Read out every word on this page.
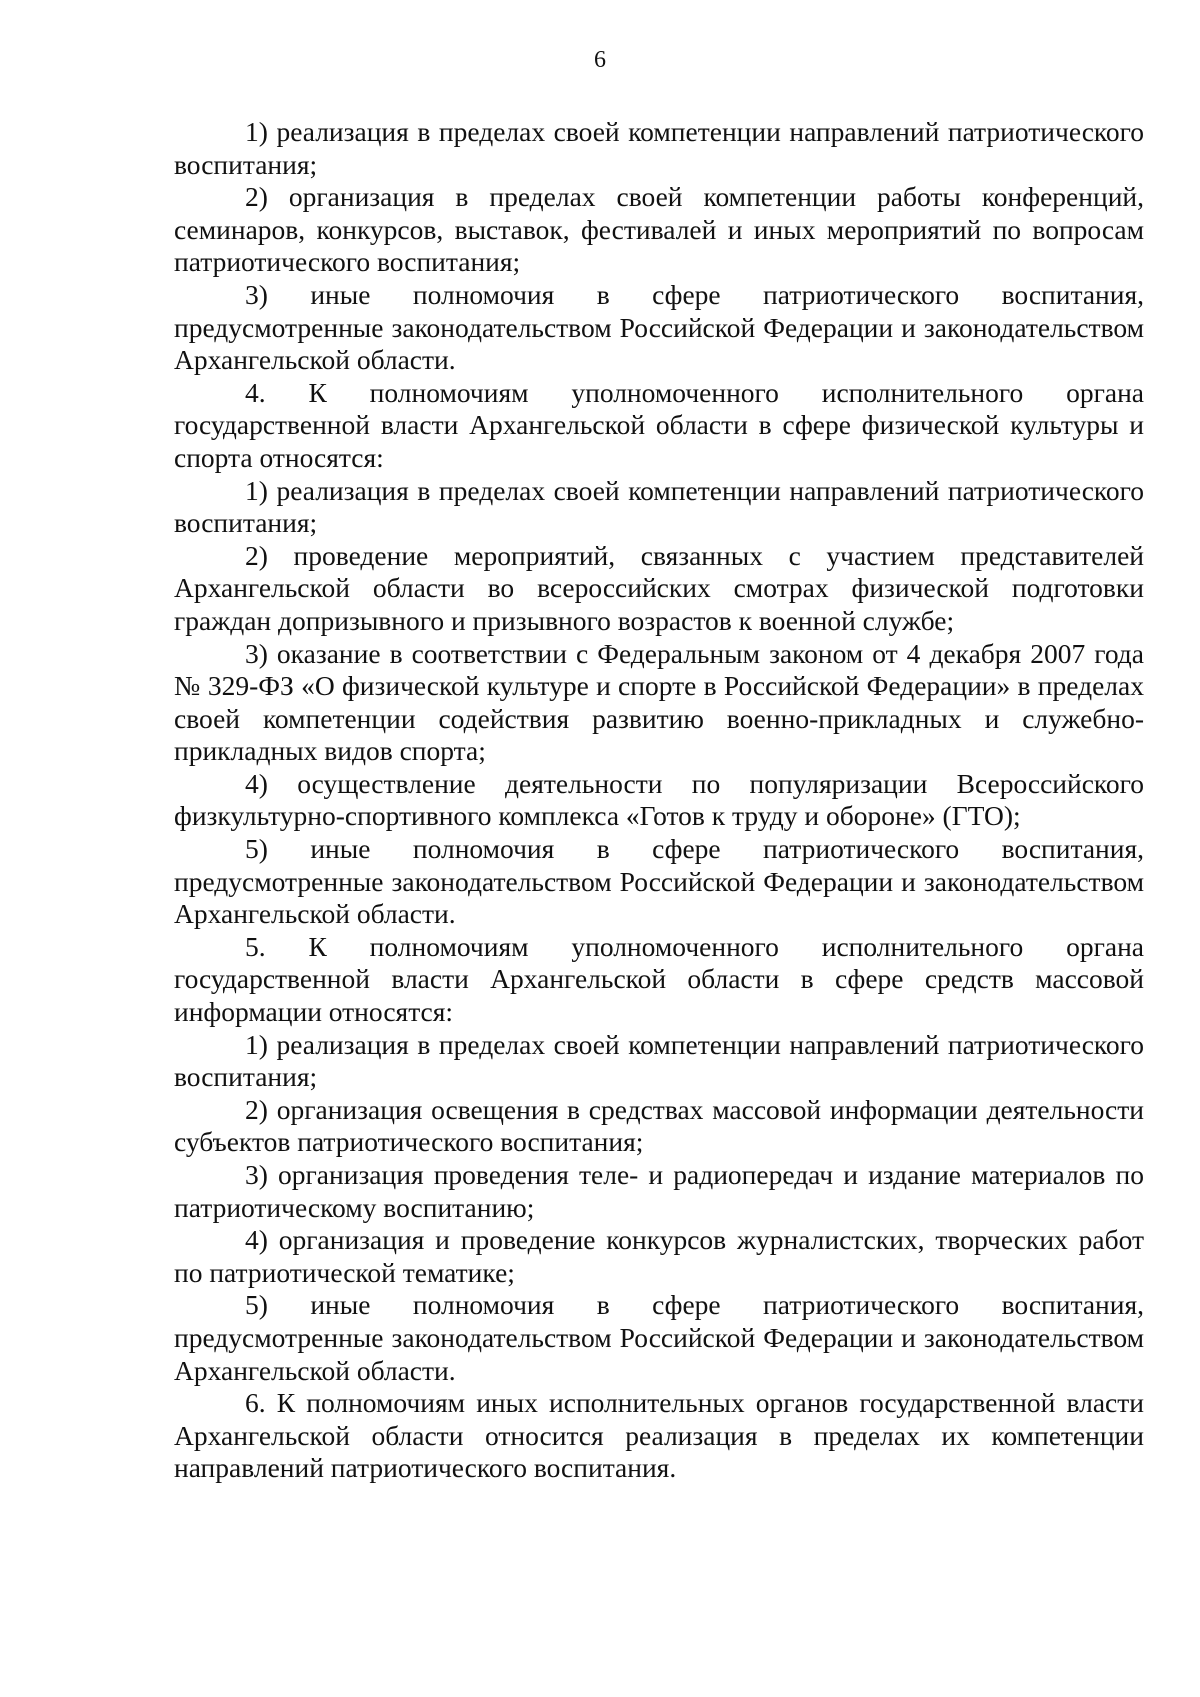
6

1) реализация в пределах своей компетенции направлений патриотического воспитания;

2) организация в пределах своей компетенции работы конференций, семинаров, конкурсов, выставок, фестивалей и иных мероприятий по вопросам патриотического воспитания;

3) иные полномочия в сфере патриотического воспитания, предусмотренные законодательством Российской Федерации и законодательством Архангельской области.

4. К полномочиям уполномоченного исполнительного органа государственной власти Архангельской области в сфере физической культуры и спорта относятся:

1) реализация в пределах своей компетенции направлений патриотического воспитания;

2) проведение мероприятий, связанных с участием представителей Архангельской области во всероссийских смотрах физической подготовки граждан допризывного и призывного возрастов к военной службе;

3) оказание в соответствии с Федеральным законом от 4 декабря 2007 года № 329-ФЗ «О физической культуре и спорте в Российской Федерации» в пределах своей компетенции содействия развитию военно-прикладных и служебно-прикладных видов спорта;

4) осуществление деятельности по популяризации Всероссийского физкультурно-спортивного комплекса «Готов к труду и обороне» (ГТО);

5) иные полномочия в сфере патриотического воспитания, предусмотренные законодательством Российской Федерации и законодательством Архангельской области.

5. К полномочиям уполномоченного исполнительного органа государственной власти Архангельской области в сфере средств массовой информации относятся:

1) реализация в пределах своей компетенции направлений патриотического воспитания;

2) организация освещения в средствах массовой информации деятельности субъектов патриотического воспитания;

3) организация проведения теле- и радиопередач и издание материалов по патриотическому воспитанию;

4) организация и проведение конкурсов журналистских, творческих работ по патриотической тематике;

5) иные полномочия в сфере патриотического воспитания, предусмотренные законодательством Российской Федерации и законодательством Архангельской области.

6. К полномочиям иных исполнительных органов государственной власти Архангельской области относится реализация в пределах их компетенции направлений патриотического воспитания.
